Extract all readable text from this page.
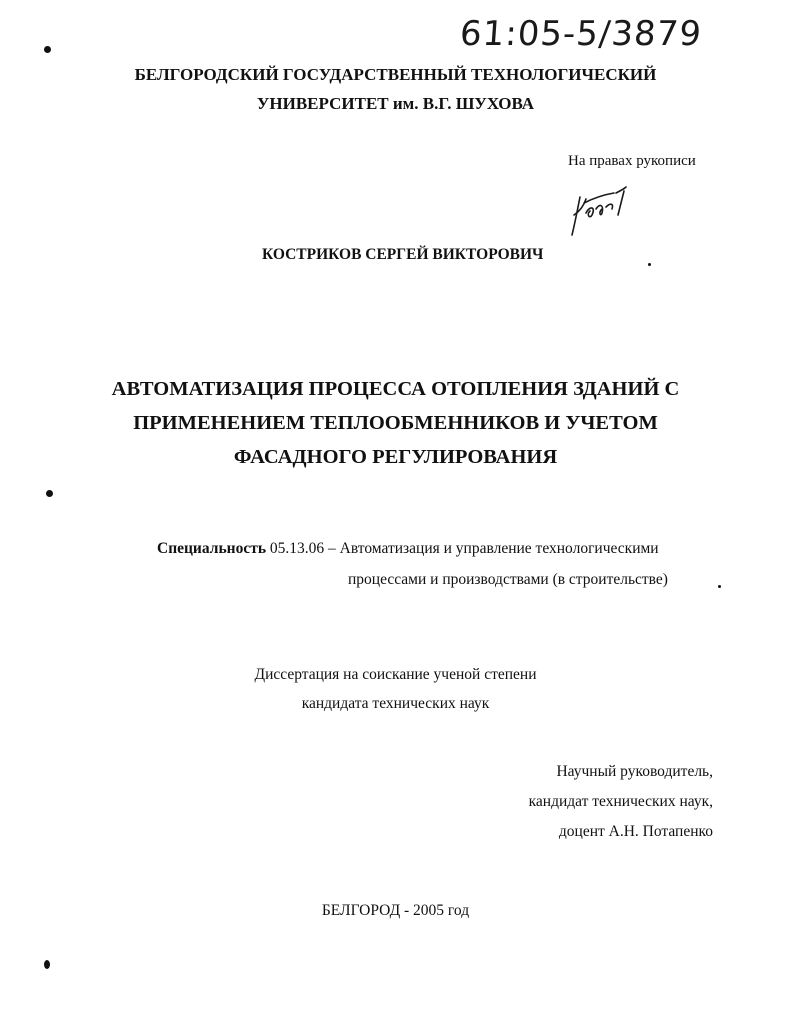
61:05-5/3879
БЕЛГОРОДСКИЙ ГОСУДАРСТВЕННЫЙ ТЕХНОЛОГИЧЕСКИЙ
УНИВЕРСИТЕТ им. В.Г. ШУХОВА
На правах рукописи
КОСТРИКОВ СЕРГЕЙ ВИКТОРОВИЧ
АВТОМАТИЗАЦИЯ ПРОЦЕССА ОТОПЛЕНИЯ ЗДАНИЙ С
ПРИМЕНЕНИЕМ ТЕПЛООБМЕННИКОВ И УЧЕТОМ
ФАСАДНОГО РЕГУЛИРОВАНИЯ
Специальность 05.13.06 – Автоматизация и управление технологическими
процессами и производствами (в строительстве)
Диссертация на соискание ученой степени
кандидата технических наук
Научный руководитель,
кандидат технических наук,
доцент А.Н. Потапенко
БЕЛГОРОД - 2005 год
